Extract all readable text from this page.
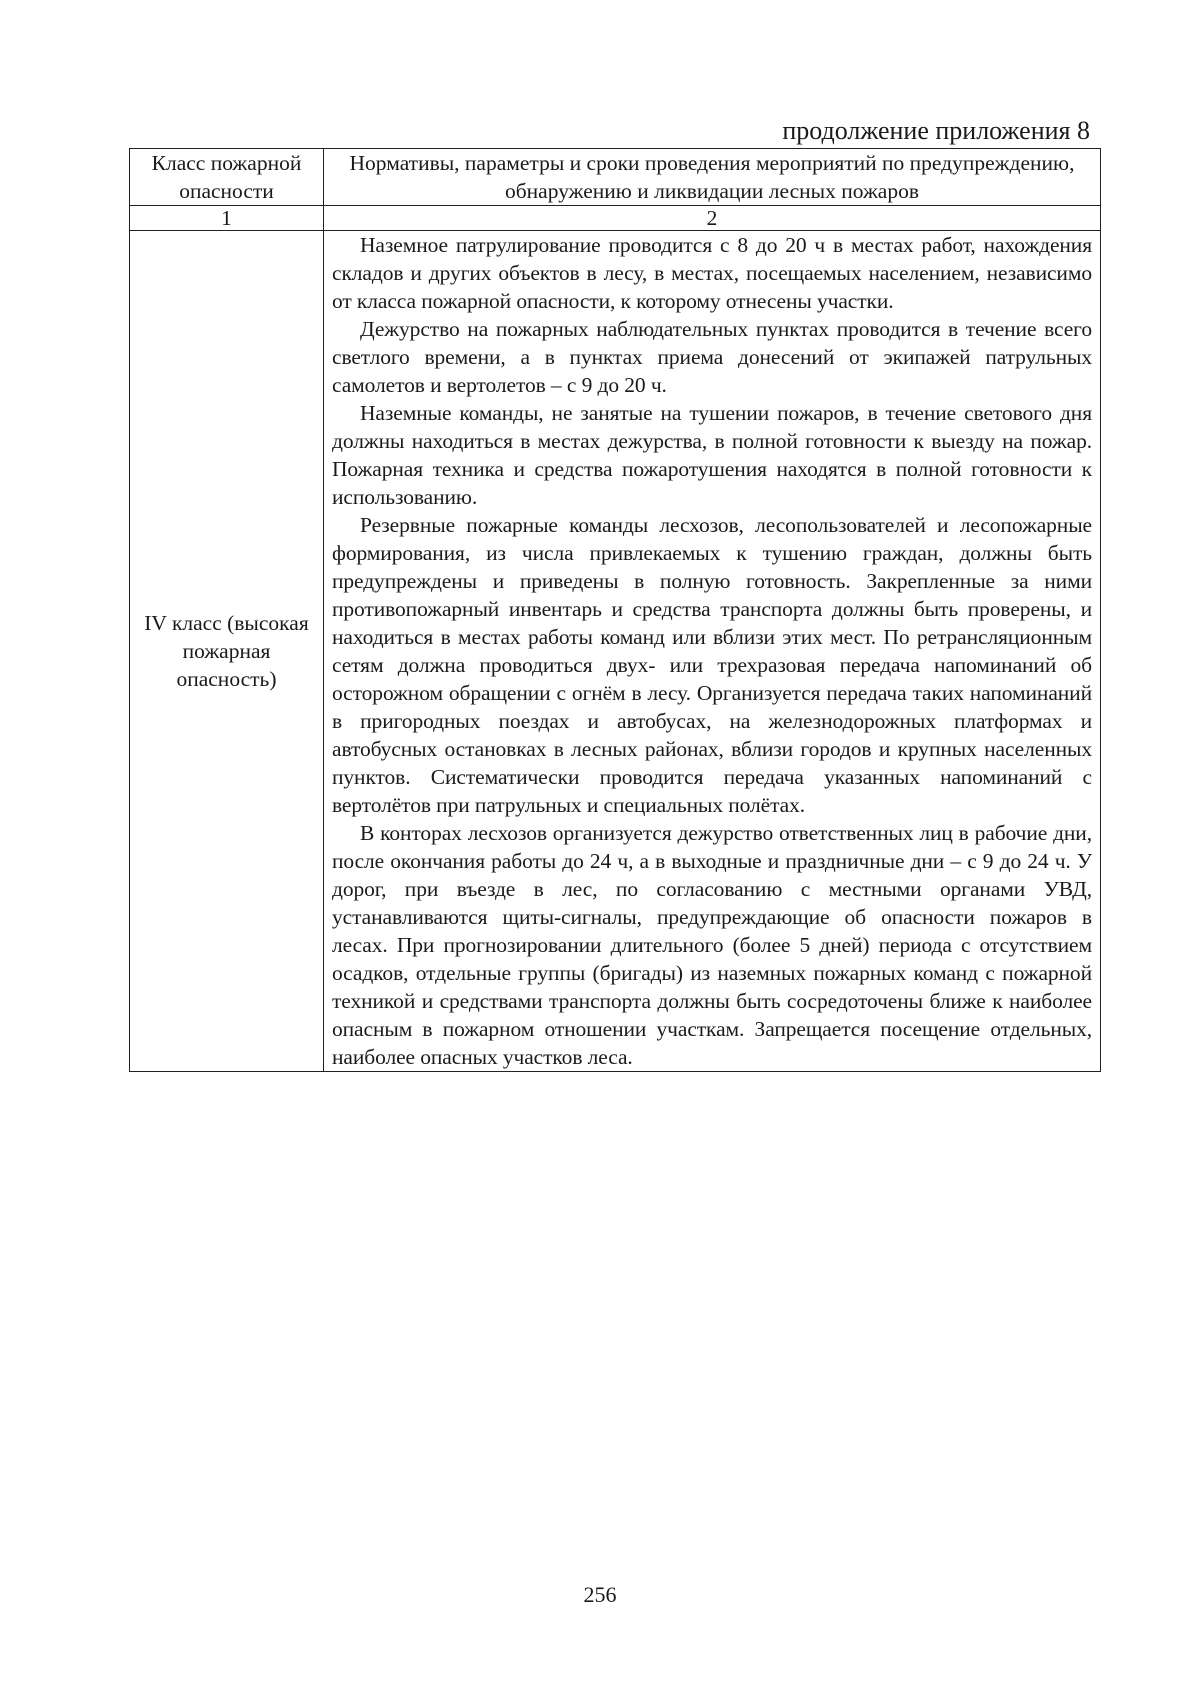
продолжение приложения 8
Класс пожарной опасности	Нормативы, параметры и сроки проведения мероприятий по предупреждению, обнаружению и ликвидации лесных пожаров
1	2
IV класс (высокая пожарная опасность)	Наземное патрулирование проводится с 8 до 20 ч в местах работ, нахождения складов и других объектов в лесу, в местах, посещаемых населением, независимо от класса пожарной опасности, к которому отнесены участки.

Дежурство на пожарных наблюдательных пунктах проводится в течение всего светлого времени, а в пунктах приема донесений от экипажей патрульных самолетов и вертолетов – с 9 до 20 ч.

Наземные команды, не занятые на тушении пожаров, в течение светового дня должны находиться в местах дежурства, в полной готовности к выезду на пожар. Пожарная техника и средства пожаротушения находятся в полной готовности к использованию.

Резервные пожарные команды лесхозов, лесопользователей и лесопожарные формирования, из числа привлекаемых к тушению граждан, должны быть предупреждены и приведены в полную готовность. Закрепленные за ними противопожарный инвентарь и средства транспорта должны быть проверены, и находиться в местах работы команд или вблизи этих мест. По ретрансляционным сетям должна проводиться двух- или трехразовая передача напоминаний об осторожном обращении с огнём в лесу. Организуется передача таких напоминаний в пригородных поездах и автобусах, на железнодорожных платформах и автобусных остановках в лесных районах, вблизи городов и крупных населенных пунктов. Систематически проводится передача указанных напоминаний с вертолётов при патрульных и специальных полётах.

В конторах лесхозов организуется дежурство ответственных лиц в рабочие дни, после окончания работы до 24 ч, а в выходные и праздничные дни – с 9 до 24 ч. У дорог, при въезде в лес, по согласованию с местными органами УВД, устанавливаются щиты-сигналы, предупреждающие об опасности пожаров в лесах. При прогнозировании длительного (более 5 дней) периода с отсутствием осадков, отдельные группы (бригады) из наземных пожарных команд с пожарной техникой и средствами транспорта должны быть сосредоточены ближе к наиболее опасным в пожарном отношении участкам. Запрещается посещение отдельных, наиболее опасных участков леса.

256
